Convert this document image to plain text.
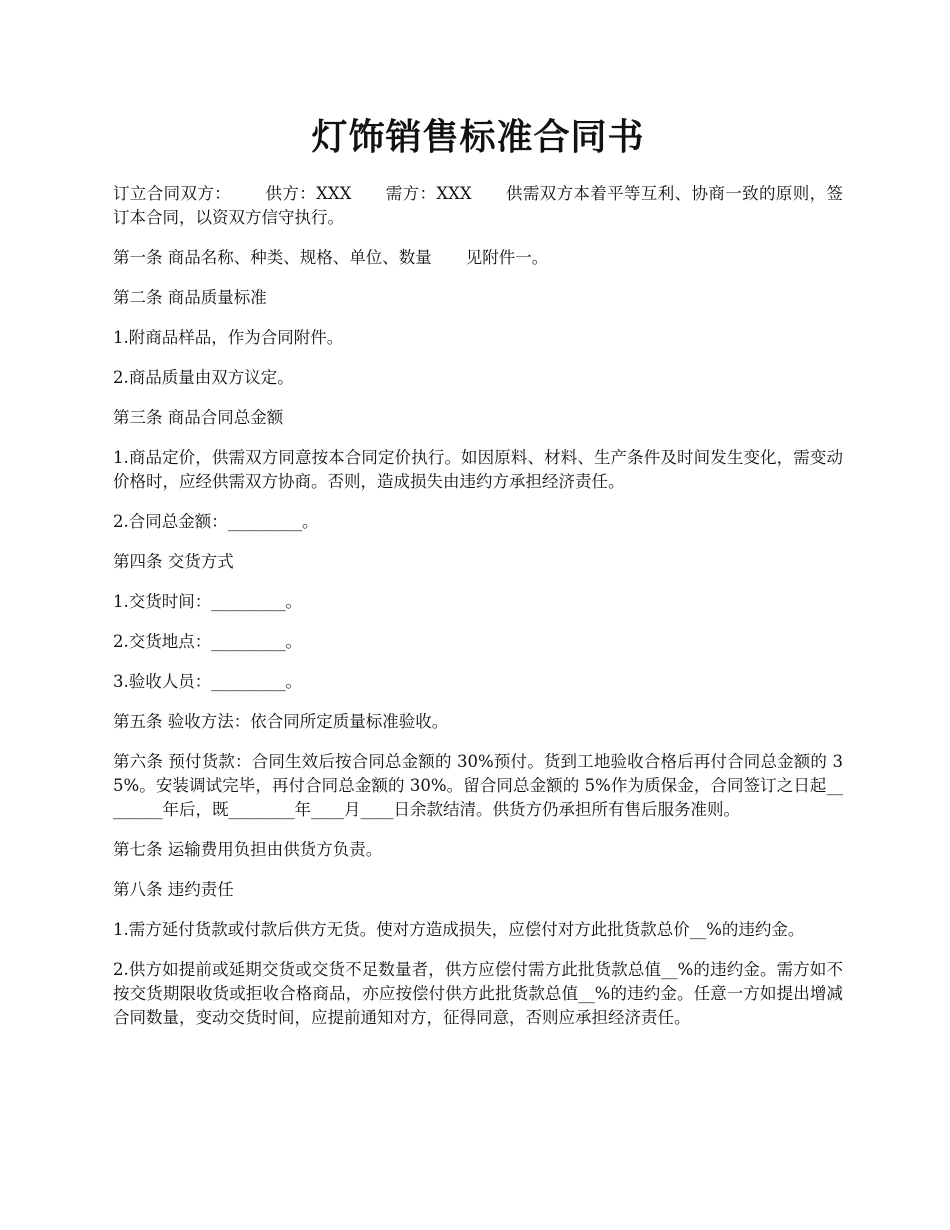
灯饰销售标准合同书

订立合同双方： 供方：XXX 需方：XXX 供需双方本着平等互利、协商一致的原则，签订本合同，以资双方信守执行。

第一条 商品名称、种类、规格、单位、数量 见附件一。

第二条 商品质量标准

1.附商品样品，作为合同附件。

2.商品质量由双方议定。

第三条 商品合同总金额

1.商品定价，供需双方同意按本合同定价执行。如因原料、材料、生产条件及时间发生变化，需变动价格时，应经供需双方协商。否则，造成损失由违约方承担经济责任。

2.合同总金额：_________。

第四条 交货方式

1.交货时间：_________。

2.交货地点：_________。

3.验收人员：_________。

第五条 验收方法：依合同所定质量标准验收。

第六条 预付货款：合同生效后按合同总金额的 30%预付。货到工地验收合格后再付合同总金额的 35%。安装调试完毕，再付合同总金额的 30%。留合同总金额的 5%作为质保金，合同签订之日起________年后，既________年____月____日余款结清。供货方仍承担所有售后服务准则。

第七条 运输费用负担由供货方负责。

第八条 违约责任

1.需方延付货款或付款后供方无货。使对方造成损失，应偿付对方此批货款总价__%的违约金。

2.供方如提前或延期交货或交货不足数量者，供方应偿付需方此批货款总值__%的违约金。需方如不按交货期限收货或拒收合格商品，亦应按偿付供方此批货款总值__%的违约金。任意一方如提出增减合同数量，变动交货时间，应提前通知对方，征得同意，否则应承担经济责任。
